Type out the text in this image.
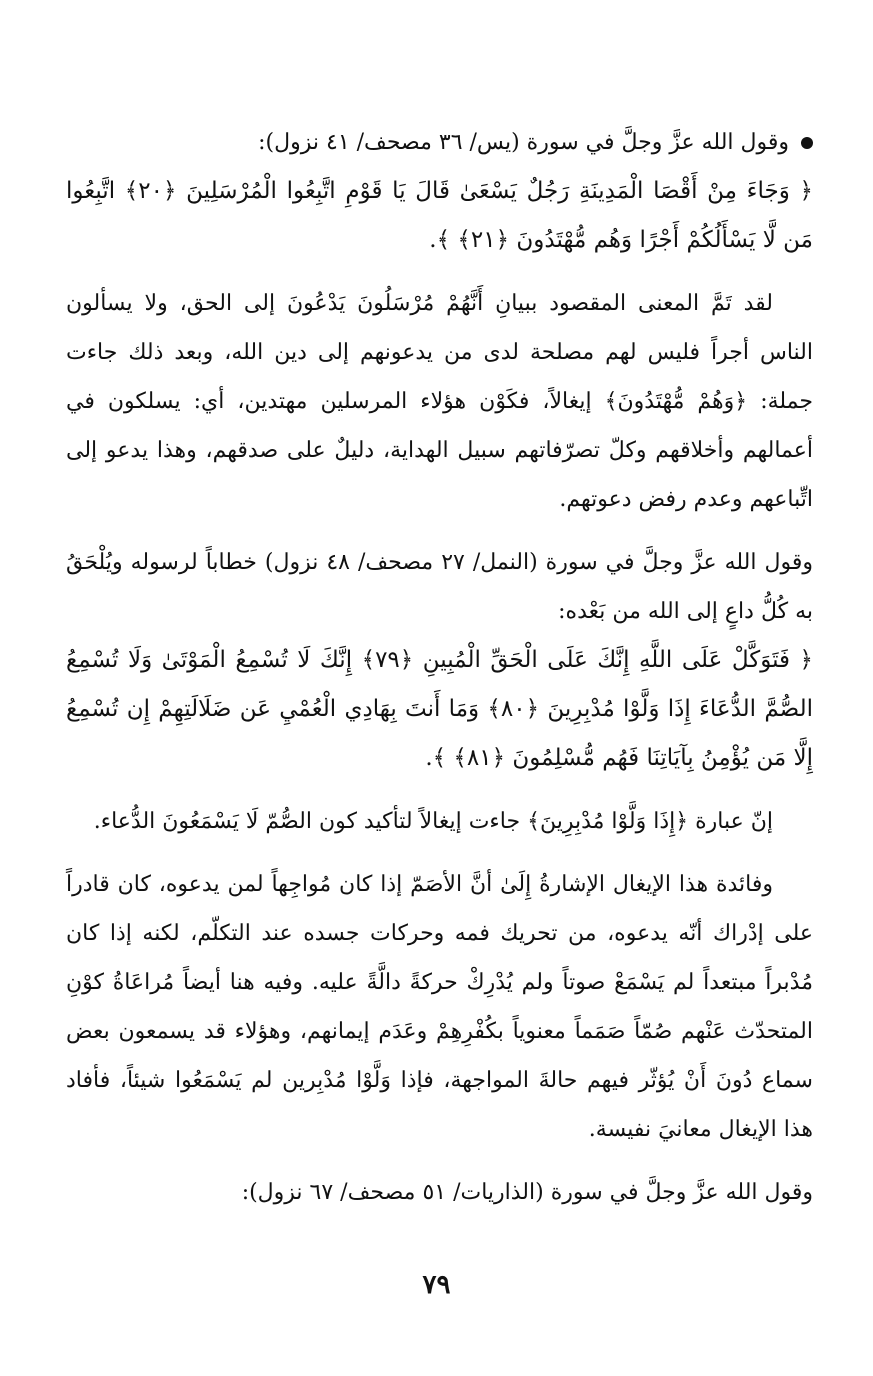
وقول الله عزَّ وجلَّ في سورة (يس/ ٣٦ مصحف/ ٤١ نزول):

﴿ وَجَاءَ مِنْ أَقْصَا الْمَدِينَةِ رَجُلٌ يَسْعَىٰ قَالَ يَا قَوْمِ اتَّبِعُوا الْمُرْسَلِينَ ﴿٢٠﴾ اتَّبِعُوا مَن لَّا يَسْأَلُكُمْ أَجْرًا وَهُم مُّهْتَدُونَ ﴿٢١﴾ ﴾.

لقد تَمَّ المعنى المقصود ببيانِ أَنَّهُمْ مُرْسَلُونَ يَدْعُونَ إلى الحق، ولا يسألون الناس أجراً فليس لهم مصلحة لدى من يدعونهم إلى دين الله، وبعد ذلك جاءت جملة: ﴿وَهُمْ مُّهْتَدُونَ﴾ إيغالاً، فكَوْن هؤلاء المرسلين مهتدين، أي: يسلكون في أعمالهم وأخلاقهم وكلّ تصرّفاتهم سبيل الهداية، دليلٌ على صدقهم، وهذا يدعو إلى اتِّباعهم وعدم رفض دعوتهم.

وقول الله عزَّ وجلَّ في سورة (النمل/ ٢٧ مصحف/ ٤٨ نزول) خطاباً لرسوله ويُلْحَقُ به كُلُّ داعٍ إلى الله من بَعْده:

﴿ فَتَوَكَّلْ عَلَى اللَّهِ إِنَّكَ عَلَى الْحَقِّ الْمُبِينِ ﴿٧٩﴾ إِنَّكَ لَا تُسْمِعُ الْمَوْتَىٰ وَلَا تُسْمِعُ الصُّمَّ الدُّعَاءَ إِذَا وَلَّوْا مُدْبِرِينَ ﴿٨٠﴾ وَمَا أَنتَ بِهَادِي الْعُمْيِ عَن ضَلَالَتِهِمْ إِن تُسْمِعُ إِلَّا مَن يُؤْمِنُ بِآيَاتِنَا فَهُم مُّسْلِمُونَ ﴿٨١﴾ ﴾.

إنّ عبارة ﴿إِذَا وَلَّوْا مُدْبِرِينَ﴾ جاءت إيغالاً لتأكيد كون الصُّمّ لَا يَسْمَعُونَ الدُّعاء.

وفائدة هذا الإيغال الإشارةُ إِلَىٰ أنَّ الأصَمّ إذا كان مُواجِهاً لمن يدعوه، كان قادراً على إدْراك أنّه يدعوه، من تحريك فمه وحركات جسده عند التكلّم، لكنه إذا كان مُدْبراً مبتعداً لم يَسْمَعْ صوتاً ولم يُدْرِكْ حركةً دالَّةً عليه. وفيه هنا أيضاً مُراعَاةُ كوْنِ المتحدّث عَنْهم صُمّاً صَمَماً معنوياً بكُفْرِهِمْ وعَدَم إيمانهم، وهؤلاء قد يسمعون بعض سماع دُونَ أَنْ يُؤثّر فيهم حالةَ المواجهة، فإذا وَلَّوْا مُدْبِرين لم يَسْمَعُوا شيئاً، فأفاد هذا الإيغال معانيَ نفيسة.

وقول الله عزَّ وجلَّ في سورة (الذاريات/ ٥١ مصحف/ ٦٧ نزول):

٧٩
